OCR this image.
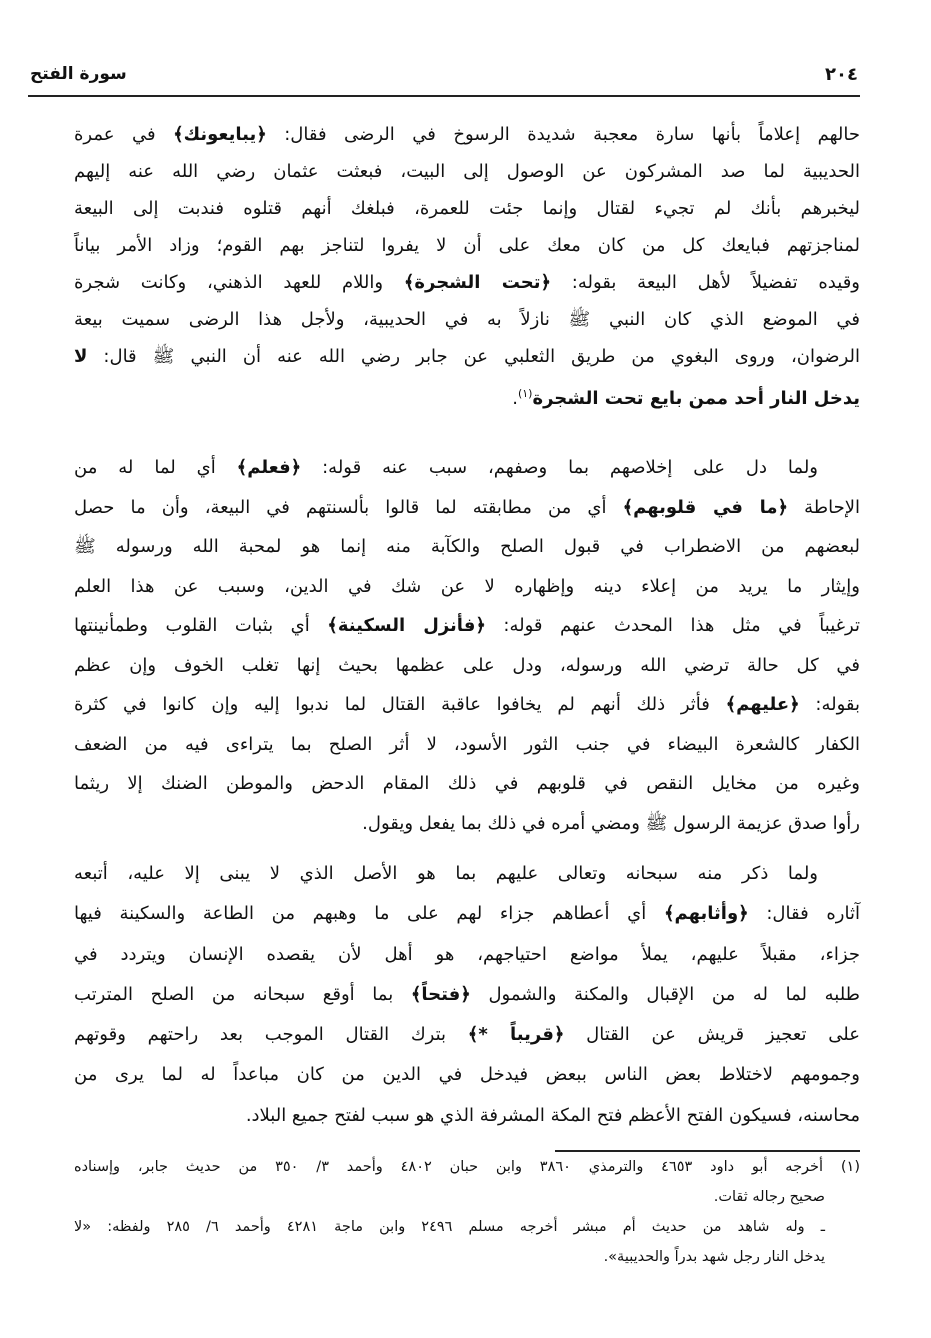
٢٠٤
سورة الفتح
حالهم إعلاماً بأنها سارة معجبة شديدة الرسوخ في الرضى فقال: ﴿يبايعونك﴾ في عمرة
الحديبية لما صد المشركون عن الوصول إلى البيت، فبعثت عثمان رضي الله عنه إليهم
ليخبرهم بأنك لم تجيء لقتال وإنما جئت للعمرة، فبلغك أنهم قتلوه فندبت إلى البيعة
لمناجزتهم فبايعك كل من كان معك على أن لا يفروا لتناجز بهم القوم؛ وزاد الأمر بياناً
وقيده تفضيلاً لأهل البيعة بقوله: ﴿تحت الشجرة﴾ واللام للعهد الذهني، وكانت شجرة
في الموضع الذي كان النبي ﷺ نازلاً به في الحديبية، ولأجل هذا الرضى سميت بيعة
الرضوان، وروى البغوي من طريق الثعلبي عن جابر رضي الله عنه أن النبي ﷺ قال: لا
يدخل النار أحد ممن بايع تحت الشجرة$^{(١)}$.
ولما دل على إخلاصهم بما وصفهم، سبب عنه قوله: ﴿فعلم﴾ أي لما له من
الإحاطة ﴿ما في قلوبهم﴾ أي من مطابقته لما قالوا بألسنتهم في البيعة، وأن ما حصل
لبعضهم من الاضطراب في قبول الصلح والكآبة منه إنما هو لمحبة الله ورسوله ﷺ
وإيثار ما يريد من إعلاء دينه وإظهاره لا عن شك في الدين، وسبب عن هذا العلم
ترغيباً في مثل هذا المحدث عنهم قوله: ﴿فأنزل السكينة﴾ أي بثبات القلوب وطمأنينتها
في كل حالة ترضي الله ورسوله، ودل على عظمها بحيث إنها تغلب الخوف وإن عظم
بقوله: ﴿عليهم﴾ فأثر ذلك أنهم لم يخافوا عاقبة القتال لما ندبوا إليه وإن كانوا في كثرة
الكفار كالشعرة البيضاء في جنب الثور الأسود، لا أثر الصلح بما يتراءى فيه من الضعف
وغيره من مخايل النقص في قلوبهم في ذلك المقام الدحض والموطن الضنك إلا ريثما
رأوا صدق عزيمة الرسول ﷺ ومضي أمره في ذلك بما يفعل ويقول.
ولما ذكر منه سبحانه وتعالى عليهم بما هو الأصل الذي لا يبنى إلا عليه، أتبعه
آثاره فقال: ﴿وأثابهم﴾ أي أعطاهم جزاء لهم على ما وهبهم من الطاعة والسكينة فيها
جزاء، مقبلاً عليهم، يملأ مواضع احتياجهم، هو أهل لأن يقصده الإنسان ويتردد في
طلبه لما له من الإقبال والمكنة والشمول ﴿فتحاً﴾ بما أوقع سبحانه من الصلح المترتب
على تعجيز قريش عن القتال ﴿قريباً *﴾ بترك القتال الموجب بعد راحتهم وقوتهم
وجمومهم لاختلاط بعض الناس ببعض فيدخل في الدين من كان مباعداً له لما يرى من
محاسنه، فسيكون الفتح الأعظم فتح المكة المشرفة الذي هو سبب لفتح جميع البلاد.
(١) أخرجه أبو داود ٤٦٥٣ والترمذي ٣٨٦٠ وابن حبان ٤٨٠٢ وأحمد ٣/ ٣٥٠ من حديث جابر، وإسناده
صحيح رجاله ثقات.
ـ وله شاهد من حديث أم مبشر أخرجه مسلم ٢٤٩٦ وابن ماجة ٤٢٨١ وأحمد ٦/ ٢٨٥ ولفظه: «لا
يدخل النار رجل شهد بدراً والحديبية».
